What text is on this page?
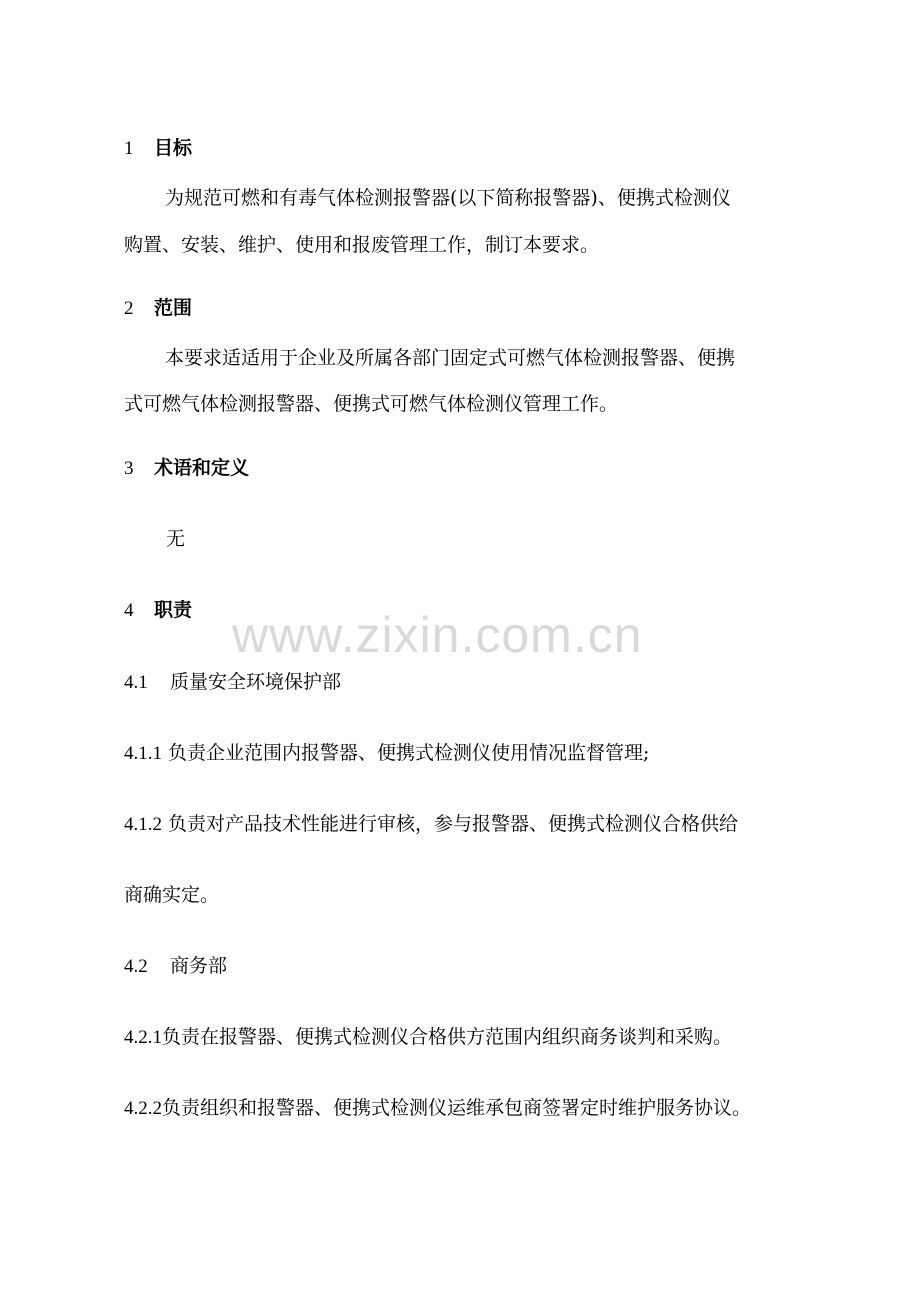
1 目标
为规范可燃和有毒气体检测报警器(以下简称报警器)、便携式检测仪
购置、安装、维护、使用和报废管理工作，制订本要求。
2 范围
本要求适适用于企业及所属各部门固定式可燃气体检测报警器、便携
式可燃气体检测报警器、便携式可燃气体检测仪管理工作。
3 术语和定义
无
4 职责 www.zixin.com.cn
4.1 质量安全环境保护部
4.1.1 负责企业范围内报警器、便携式检测仪使用情况监督管理;
4.1.2 负责对产品技术性能进行审核，参与报警器、便携式检测仪合格供给
商确实定。
4.2 商务部
4.2.1负责在报警器、便携式检测仪合格供方范围内组织商务谈判和采购。
4.2.2负责组织和报警器、便携式检测仪运维承包商签署定时维护服务协议。
